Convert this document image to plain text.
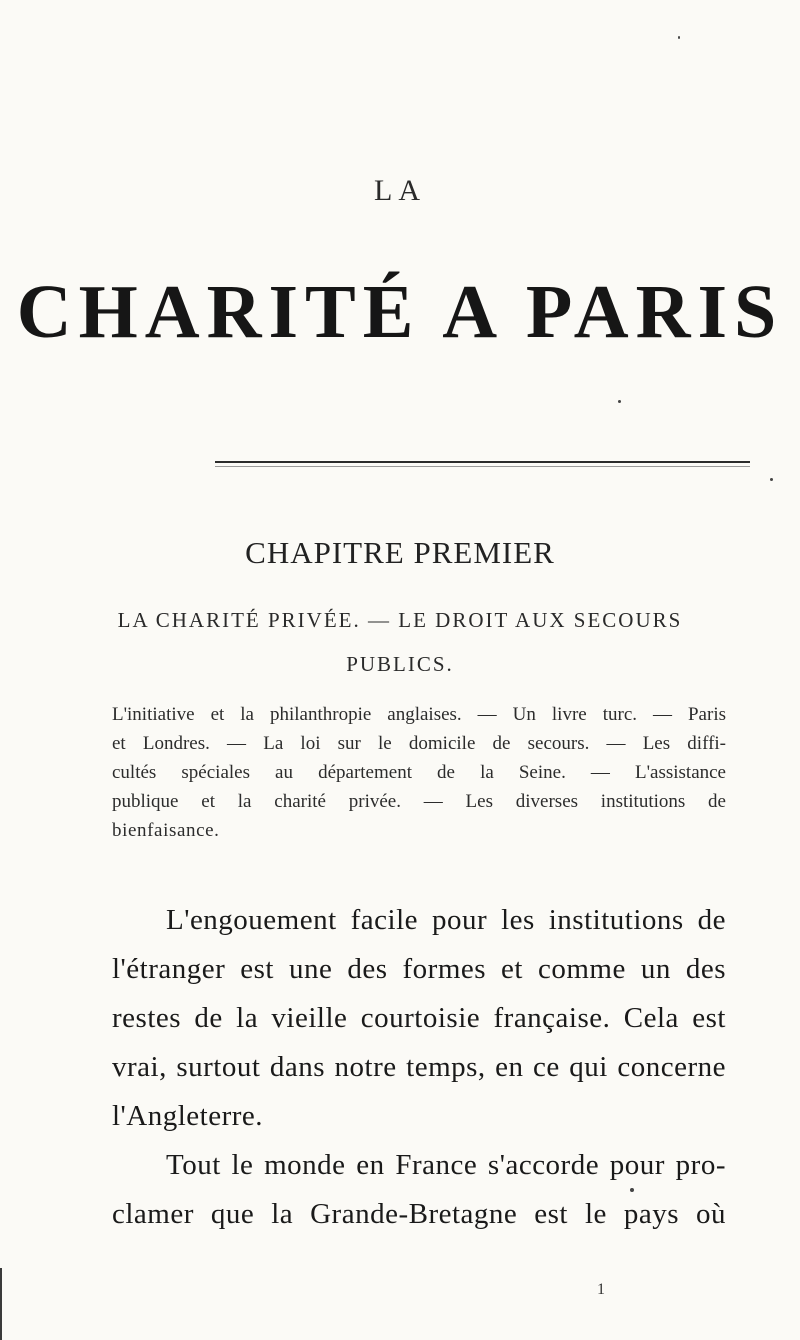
LA
CHARITÉ A PARIS
CHAPITRE PREMIER
LA CHARITÉ PRIVÉE. — LE DROIT AUX SECOURS
PUBLICS.
L'initiative et la philanthropie anglaises. — Un livre turc. — Paris
et Londres. — La loi sur le domicile de secours. — Les diffi-
cultés spéciales au département de la Seine. — L'assistance
publique et la charité privée. — Les diverses institutions de
bienfaisance.
L'engouement facile pour les institutions de
l'étranger est une des formes et comme un des
restes de la vieille courtoisie française. Cela est
vrai, surtout dans notre temps, en ce qui concerne
l'Angleterre.
Tout le monde en France s'accorde pour pro-
clamer que la Grande-Bretagne est le pays où
1
